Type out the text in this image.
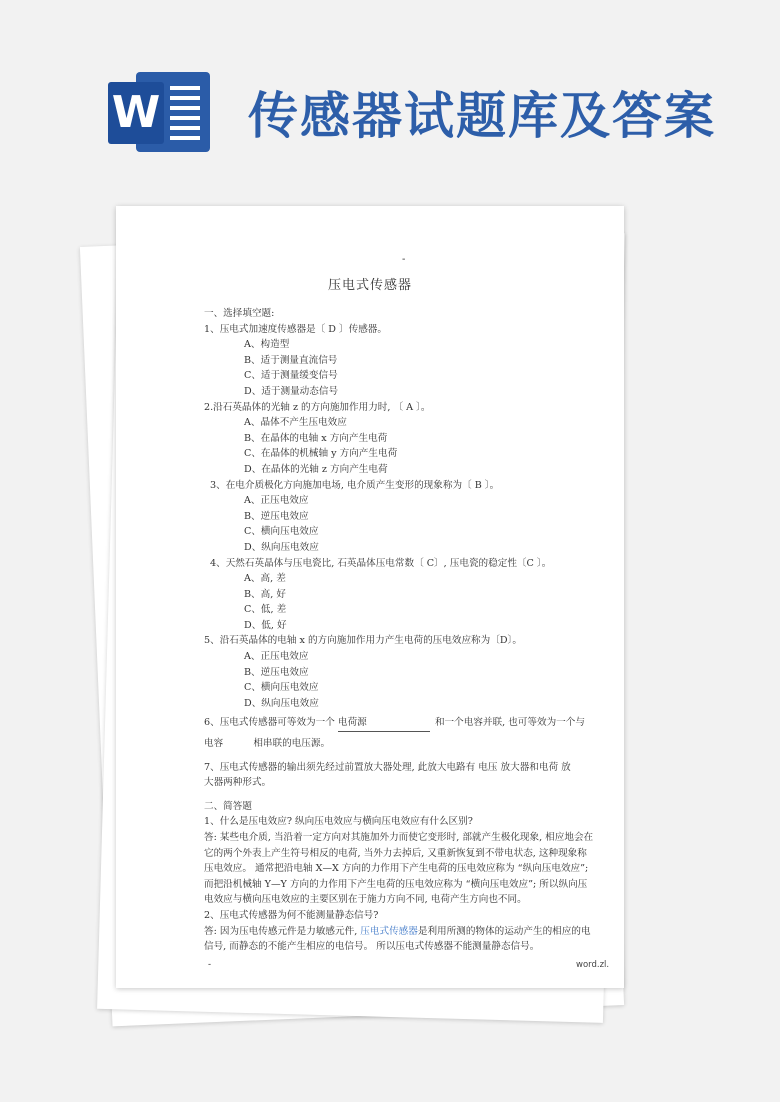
W 传感器试题库及答案
-
压电式传感器
一、选择填空题:
1、压电式加速度传感器是〔 D 〕传感器。
A、构造型
B、适于测量直流信号
C、适于测量缓变信号
D、适于测量动态信号
2.沿石英晶体的光轴 z 的方向施加作用力时, 〔 A 〕。
A、晶体不产生压电效应
B、在晶体的电轴 x 方向产生电荷
C、在晶体的机械轴 y 方向产生电荷
D、在晶体的光轴 z 方向产生电荷
3、在电介质极化方向施加电场, 电介质产生变形的现象称为〔 B 〕。
A、正压电效应
B、逆压电效应
C、横向压电效应
D、纵向压电效应
4、天然石英晶体与压电瓷比, 石英晶体压电常数〔 C〕, 压电瓷的稳定性〔C 〕。
A、高, 差
B、高, 好
C、低, 差
D、低, 好
5、沿石英晶体的电轴 x 的方向施加作用力产生电荷的压电效应称为〔D〕。
A、正压电效应
B、逆压电效应
C、横向压电效应
D、纵向压电效应
6、压电式传感器可等效为一个 电荷源	和一个电容并联, 也可等效为一个与
电容	相串联的电压源。
7、压电式传感器的输出须先经过前置放大器处理, 此放大电路有 电压 放大器和电荷 放
大器两种形式。
二、简答题
1、什么是压电效应? 纵向压电效应与横向压电效应有什么区别?
答: 某些电介质, 当沿着一定方向对其施加外力而使它变形时, 部就产生极化现象, 相应地会在它的两个外表上产生符号相反的电荷, 当外力去掉后, 又重新恢复到不带电状态, 这种现象称压电效应。 通常把沿电轴 X—X 方向的力作用下产生电荷的压电效应称为 “纵向压电效应”; 而把沿机械轴 Y—Y 方向的力作用下产生电荷的压电效应称为 “横向压电效应”; 所以纵向压电效应与横向压电效应的主要区别在于施力方向不同, 电荷产生方向也不同。
2、压电式传感器为何不能测量静态信号?
答: 因为压电传感元件是力敏感元件, 压电式传感器是利用所测的物体的运动产生的相应的电信号, 而静态的不能产生相应的电信号。 所以压电式传感器不能测量静态信号。
-	word.zl.
